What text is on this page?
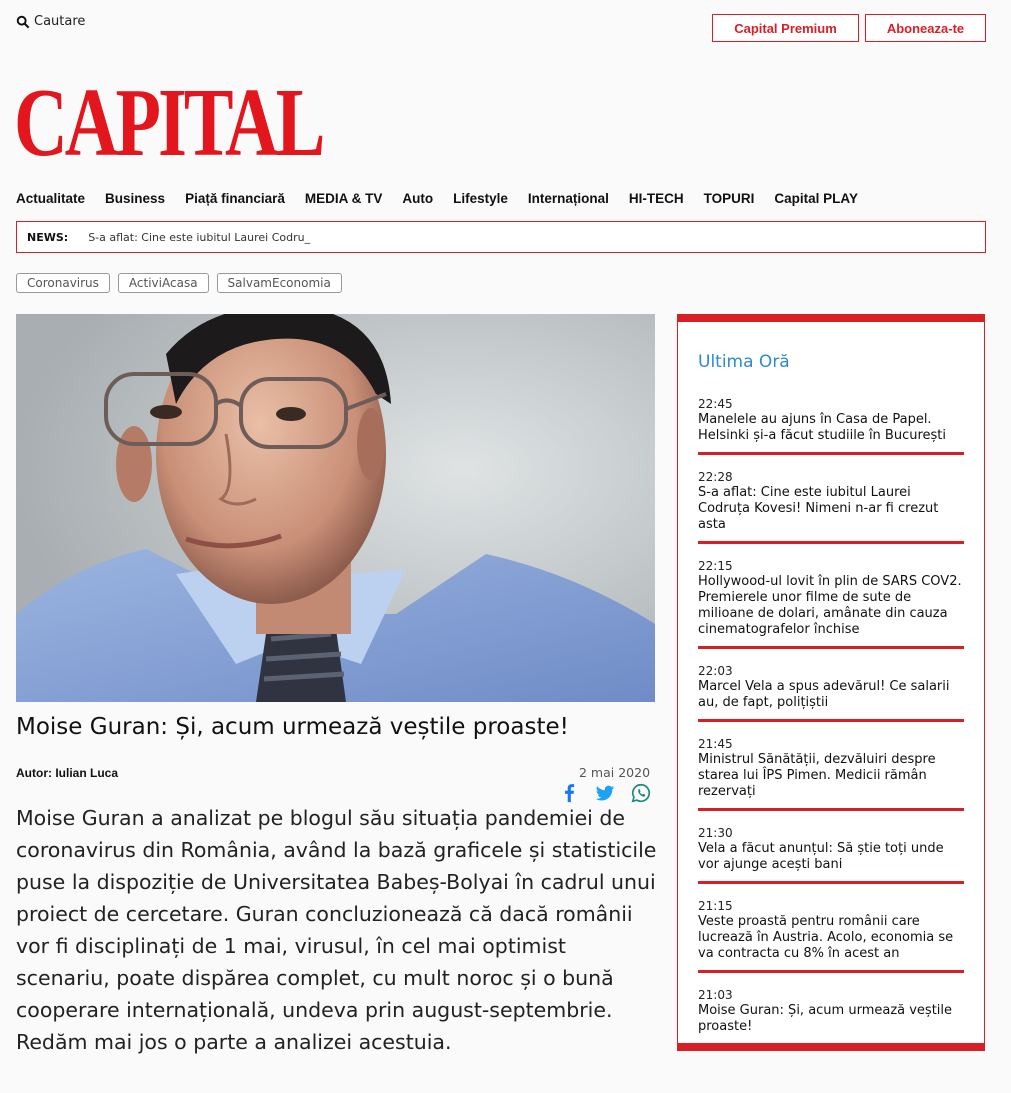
Cautare	Capital Premium	Aboneaza-te
CAPITAL
Actualitate Business Piață financiară MEDIA & TV Auto Lifestyle Internațional HI-TECH TOPURI Capital PLAY
NEWS: S-a aflat: Cine este iubitul Laurei Codru_
Coronavirus	ActiviAcasa	SalvamEconomia
Moise Guran: Și, acum urmează veștile proaste!
Autor: Iulian Luca	2 mai 2020

Moise Guran a analizat pe blogul său situația pandemiei de coronavirus din România, având la bază graficele și statisticile puse la dispoziție de Universitatea Babeș-Bolyai în cadrul unui proiect de cercetare. Guran concluzionează că dacă românii vor fi disciplinați de 1 mai, virusul, în cel mai optimist scenariu, poate dispărea complet, cu mult noroc și o bună cooperare internațională, undeva prin august-septembrie. Redăm mai jos o parte a analizei acestuia.

Ultima Oră
22:45
Manelele au ajuns în Casa de Papel. Helsinki și-a făcut studiile în București
22:28
S-a aflat: Cine este iubitul Laurei Codruța Kovesi! Nimeni n-ar fi crezut asta
22:15
Hollywood-ul lovit în plin de SARS COV2. Premierele unor filme de sute de milioane de dolari, amânate din cauza cinematografelor închise
22:03
Marcel Vela a spus adevărul! Ce salarii au, de fapt, polițiștii
21:45
Ministrul Sănătății, dezvăluiri despre starea lui ÎPS Pimen. Medicii rămân rezervați
21:30
Vela a făcut anunțul: Să știe toți unde vor ajunge acești bani
21:15
Veste proastă pentru românii care lucrează în Austria. Acolo, economia se va contracta cu 8% în acest an
21:03
Moise Guran: Și, acum urmează veștile proaste!
